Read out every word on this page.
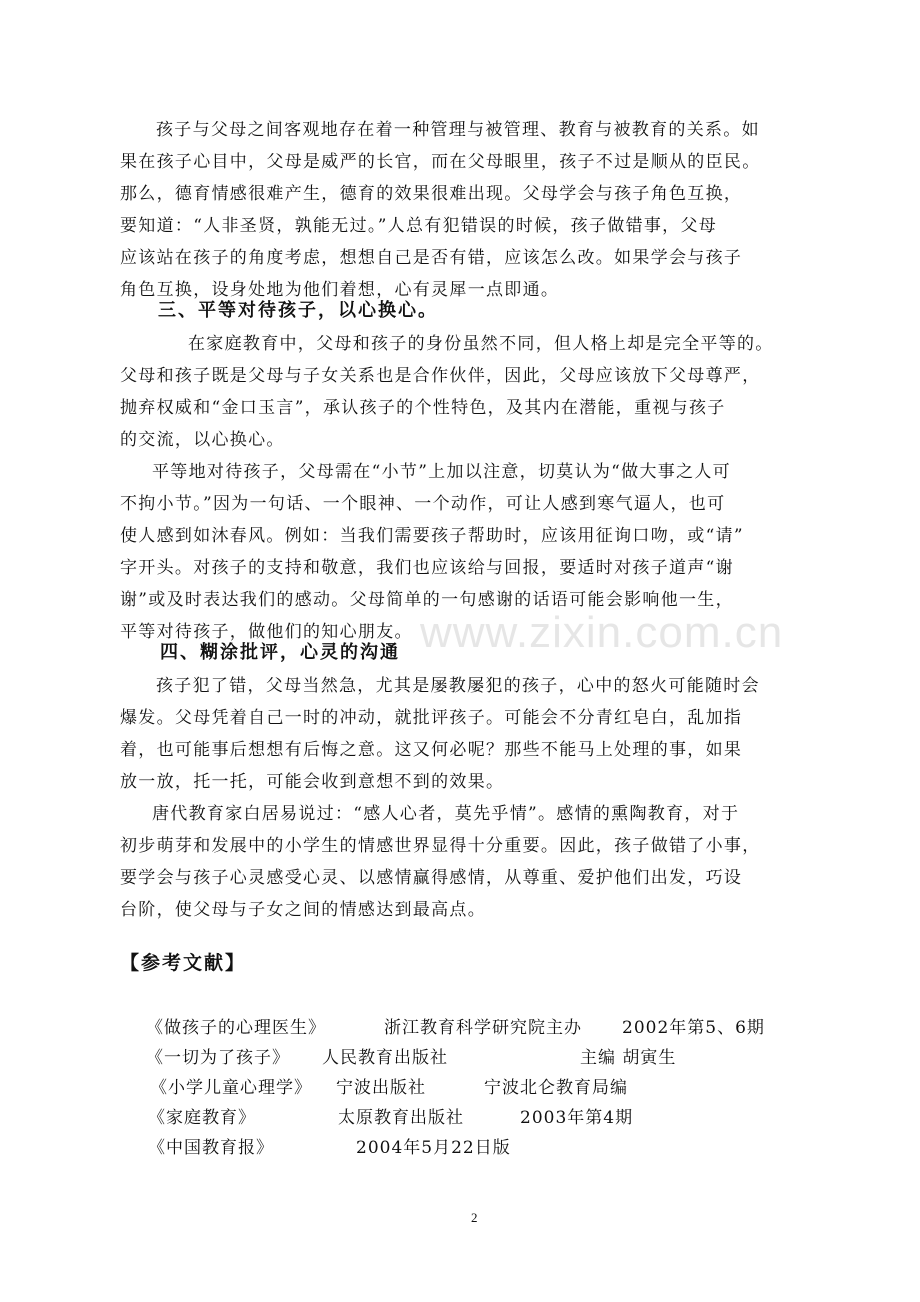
www.zixin.com.cn
孩子与父母之间客观地存在着一种管理与被管理、教育与被教育的关系。如
果在孩子心目中，父母是威严的长官，而在父母眼里，孩子不过是顺从的臣民。
那么，德育情感很难产生，德育的效果很难出现。父母学会与孩子角色互换，
要知道：“人非圣贤，孰能无过。”人总有犯错误的时候，孩子做错事，父母
应该站在孩子的角度考虑，想想自己是否有错，应该怎么改。如果学会与孩子
角色互换，设身处地为他们着想，心有灵犀一点即通。
三、平等对待孩子，以心换心。
在家庭教育中，父母和孩子的身份虽然不同，但人格上却是完全平等的。
父母和孩子既是父母与子女关系也是合作伙伴，因此，父母应该放下父母尊严，
抛弃权威和“金口玉言”，承认孩子的个性特色，及其内在潜能，重视与孩子
的交流，以心换心。
平等地对待孩子，父母需在“小节”上加以注意，切莫认为“做大事之人可
不拘小节。”因为一句话、一个眼神、一个动作，可让人感到寒气逼人，也可
使人感到如沐春风。例如：当我们需要孩子帮助时，应该用征询口吻，或“请”
字开头。对孩子的支持和敬意，我们也应该给与回报，要适时对孩子道声“谢
谢”或及时表达我们的感动。父母简单的一句感谢的话语可能会影响他一生，
平等对待孩子，做他们的知心朋友。
四、糊涂批评，心灵的沟通
孩子犯了错，父母当然急，尤其是屡教屡犯的孩子，心中的怒火可能随时会
爆发。父母凭着自己一时的冲动，就批评孩子。可能会不分青红皂白，乱加指
着，也可能事后想想有后悔之意。这又何必呢？那些不能马上处理的事，如果
放一放，托一托，可能会收到意想不到的效果。
唐代教育家白居易说过：“感人心者，莫先乎情”。感情的熏陶教育，对于
初步萌芽和发展中的小学生的情感世界显得十分重要。因此，孩子做错了小事，
要学会与孩子心灵感受心灵、以感情赢得感情，从尊重、爱护他们出发，巧设
台阶，使父母与子女之间的情感达到最高点。
【参考文献】
《做孩子的心理医生》	浙江教育科学研究院主办 2002年第5、6期
《一切为了孩子》 人民教育出版社	主编 胡寅生
《小学儿童心理学》 宁波出版社	宁波北仑教育局编
《家庭教育》	太原教育出版社	2003年第4期
《中国教育报》	2004年5月22日版
2
